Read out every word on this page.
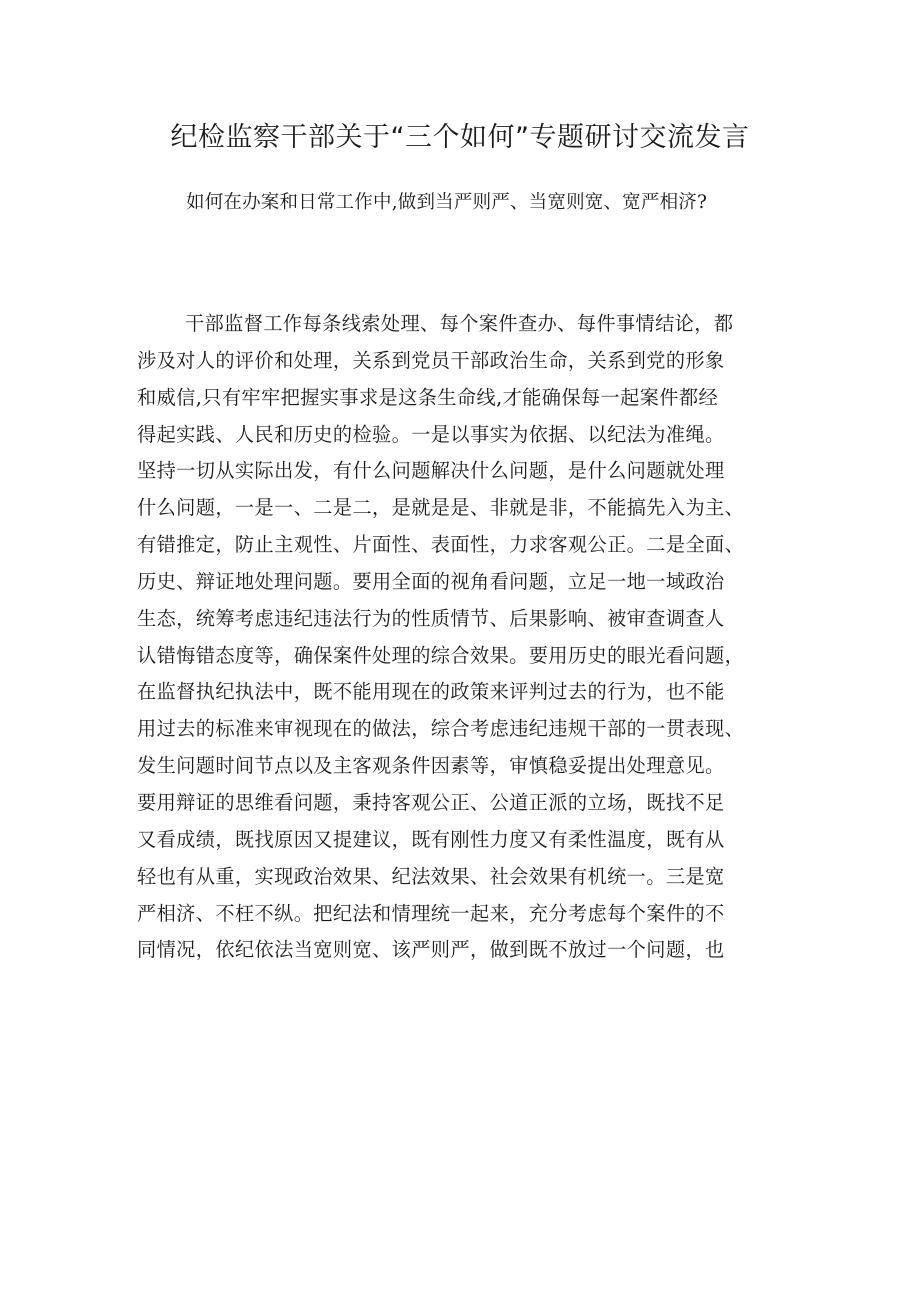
纪检监察干部关于“三个如何”专题研讨交流发言

如何在办案和日常工作中,做到当严则严、当宽则宽、宽严相济?

干部监督工作每条线索处理、每个案件查办、每件事情结论，都
涉及对人的评价和处理，关系到党员干部政治生命，关系到党的形象
和威信,只有牢牢把握实事求是这条生命线,才能确保每一起案件都经
得起实践、人民和历史的检验。一是以事实为依据、以纪法为准绳。
坚持一切从实际出发，有什么问题解决什么问题，是什么问题就处理
什么问题，一是一、二是二，是就是是、非就是非，不能搞先入为主、
有错推定，防止主观性、片面性、表面性，力求客观公正。二是全面、
历史、辩证地处理问题。要用全面的视角看问题，立足一地一域政治
生态，统筹考虑违纪违法行为的性质情节、后果影响、被审查调查人
认错悔错态度等，确保案件处理的综合效果。要用历史的眼光看问题，
在监督执纪执法中，既不能用现在的政策来评判过去的行为，也不能
用过去的标准来审视现在的做法，综合考虑违纪违规干部的一贯表现、
发生问题时间节点以及主客观条件因素等，审慎稳妥提出处理意见。
要用辩证的思维看问题，秉持客观公正、公道正派的立场，既找不足
又看成绩，既找原因又提建议，既有刚性力度又有柔性温度，既有从
轻也有从重，实现政治效果、纪法效果、社会效果有机统一。三是宽
严相济、不枉不纵。把纪法和情理统一起来，充分考虑每个案件的不
同情况，依纪依法当宽则宽、该严则严，做到既不放过一个问题，也
